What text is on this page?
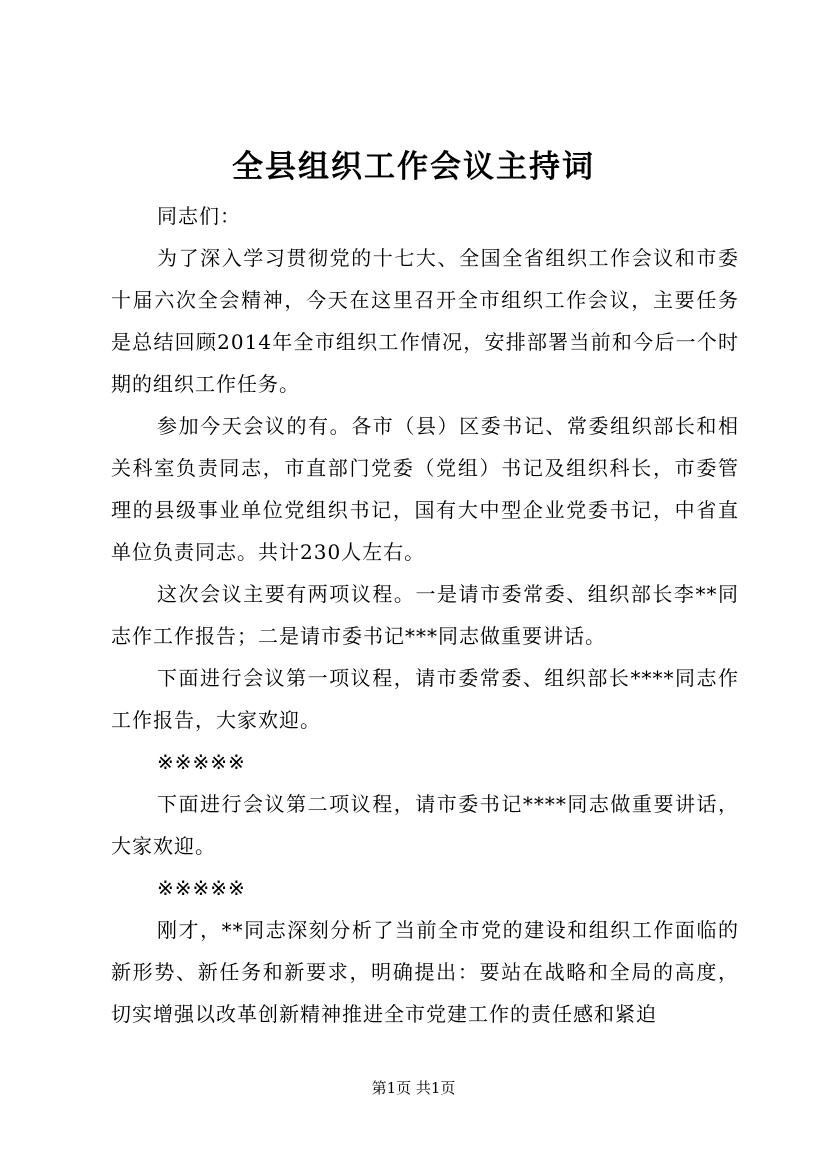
全县组织工作会议主持词

同志们：

为了深入学习贯彻党的十七大、全国全省组织工作会议和市委十届六次全会精神，今天在这里召开全市组织工作会议，主要任务是总结回顾2014年全市组织工作情况，安排部署当前和今后一个时期的组织工作任务。

参加今天会议的有。各市（县）区委书记、常委组织部长和相关科室负责同志，市直部门党委（党组）书记及组织科长，市委管理的县级事业单位党组织书记，国有大中型企业党委书记，中省直单位负责同志。共计230人左右。

这次会议主要有两项议程。一是请市委常委、组织部长李**同志作工作报告；二是请市委书记***同志做重要讲话。

下面进行会议第一项议程，请市委常委、组织部长****同志作工作报告，大家欢迎。

※※※※※

下面进行会议第二项议程，请市委书记****同志做重要讲话，大家欢迎。

※※※※※

刚才，**同志深刻分析了当前全市党的建设和组织工作面临的新形势、新任务和新要求，明确提出：要站在战略和全局的高度，切实增强以改革创新精神推进全市党建工作的责任感和紧迫

第1页 共1页
